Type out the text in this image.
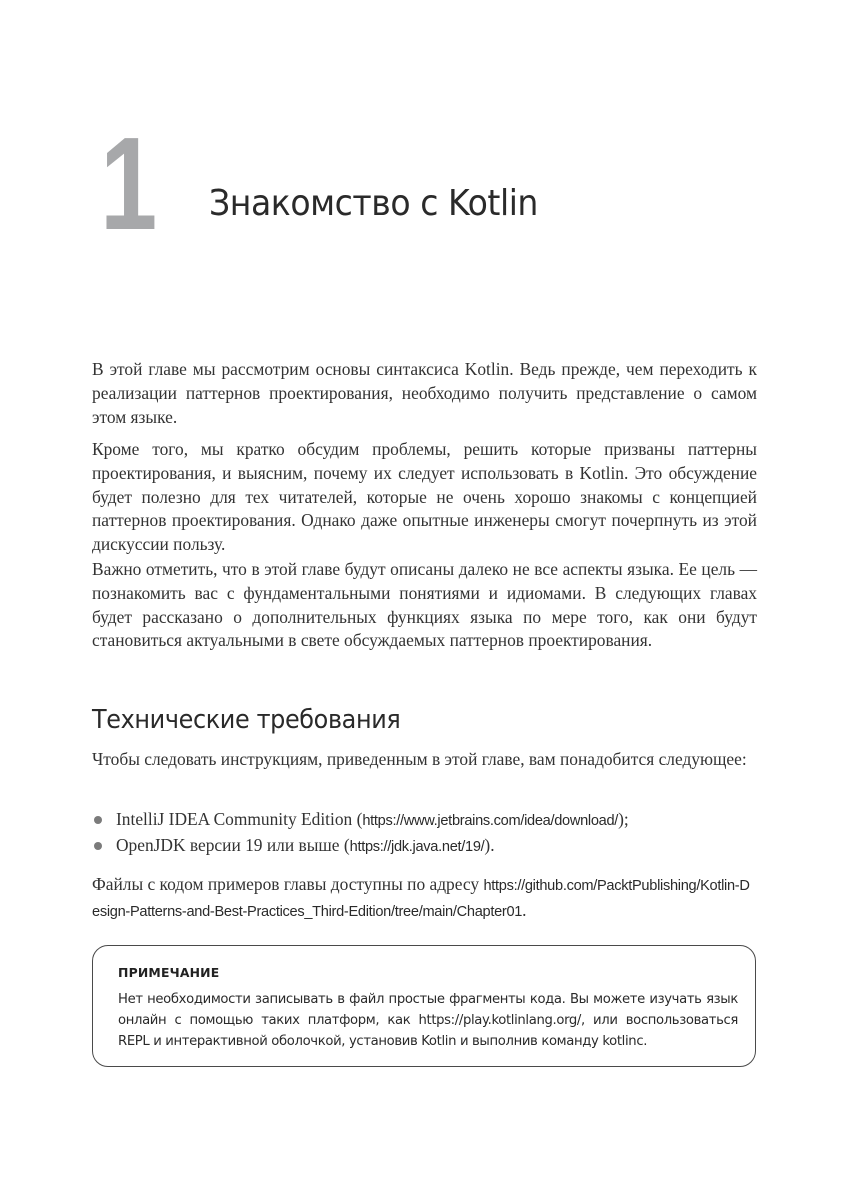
1 Знакомство с Kotlin

В этой главе мы рассмотрим основы синтаксиса Kotlin. Ведь прежде, чем переходить к реализации паттернов проектирования, необходимо получить представление о самом этом языке.

Кроме того, мы кратко обсудим проблемы, решить которые призваны паттерны проектирования, и выясним, почему их следует использовать в Kotlin. Это обсуждение будет полезно для тех читателей, которые не очень хорошо знакомы с концепцией паттернов проектирования. Однако даже опытные инженеры смогут почерпнуть из этой дискуссии пользу.

Важно отметить, что в этой главе будут описаны далеко не все аспекты языка. Ее цель — познакомить вас с фундаментальными понятиями и идиомами. В следующих главах будет рассказано о дополнительных функциях языка по мере того, как они будут становиться актуальными в свете обсуждаемых паттернов проектирования.

Технические требования

Чтобы следовать инструкциям, приведенным в этой главе, вам понадобится следующее:

IntelliJ IDEA Community Edition (https://www.jetbrains.com/idea/download/);
OpenJDK версии 19 или выше (https://jdk.java.net/19/).

Файлы с кодом примеров главы доступны по адресу https://github.com/PacktPublishing/Kotlin-Design-Patterns-and-Best-Practices_Third-Edition/tree/main/Chapter01.

ПРИМЕЧАНИЕ
Нет необходимости записывать в файл простые фрагменты кода. Вы можете изучать язык онлайн с помощью таких платформ, как https://play.kotlinlang.org/, или воспользоваться REPL и интерактивной оболочкой, установив Kotlin и выполнив команду kotlinc.
